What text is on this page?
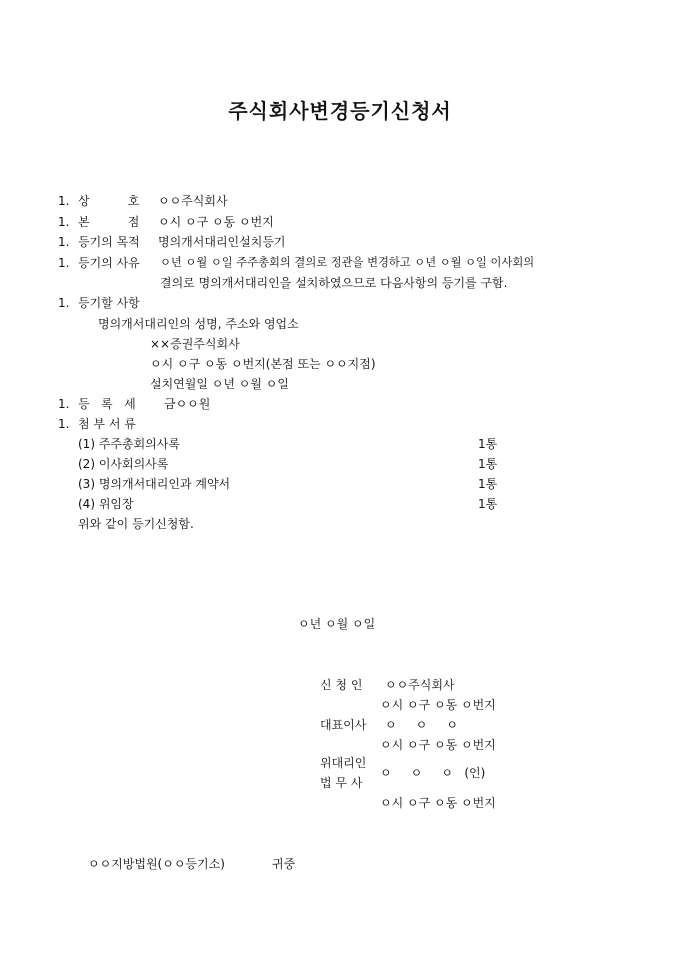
주식회사변경등기신청서
1. 상          호 ㅇㅇ주식회사
1. 본          점 ㅇ시 ㅇ구 ㅇ동 ㅇ번지
1. 등기의 목적 명의개서대리인설치등기
1. 등기의 사유 ㅇ년 ㅇ월 ㅇ일 주주총회의 결의로 정관을 변경하고 ㅇ년 ㅇ월 ㅇ일 이사회의
결의로 명의개서대리인을 설치하였으므로 다음사항의 등기를 구함.
1. 등기할 사항
명의개서대리인의 성명, 주소와 영업소
××증권주식회사
ㅇ시 ㅇ구 ㅇ동 ㅇ번지(본점 또는 ㅇㅇ지점)
설치연월일 ㅇ년 ㅇ월 ㅇ일
1. 등   록   세 금ㅇㅇ원
1. 첨 부 서 류
(1) 주주총회의사록	1통
(2) 이사회의사록	1통
(3) 명의개서대리인과 계약서	1통
(4) 위임장	1통
위와 같이 등기신청함.
ㅇ년 ㅇ월 ㅇ일
신 청 인 ㅇㅇ주식회사
ㅇ시 ㅇ구 ㅇ동 ㅇ번지
대표이사 ㅇ     ㅇ     ㅇ
ㅇ시 ㅇ구 ㅇ동 ㅇ번지
위대리인
법 무 사
ㅇ     ㅇ     ㅇ   (인)
ㅇ시 ㅇ구 ㅇ동 ㅇ번지
ㅇㅇ지방법원(ㅇㅇ등기소)	귀중
